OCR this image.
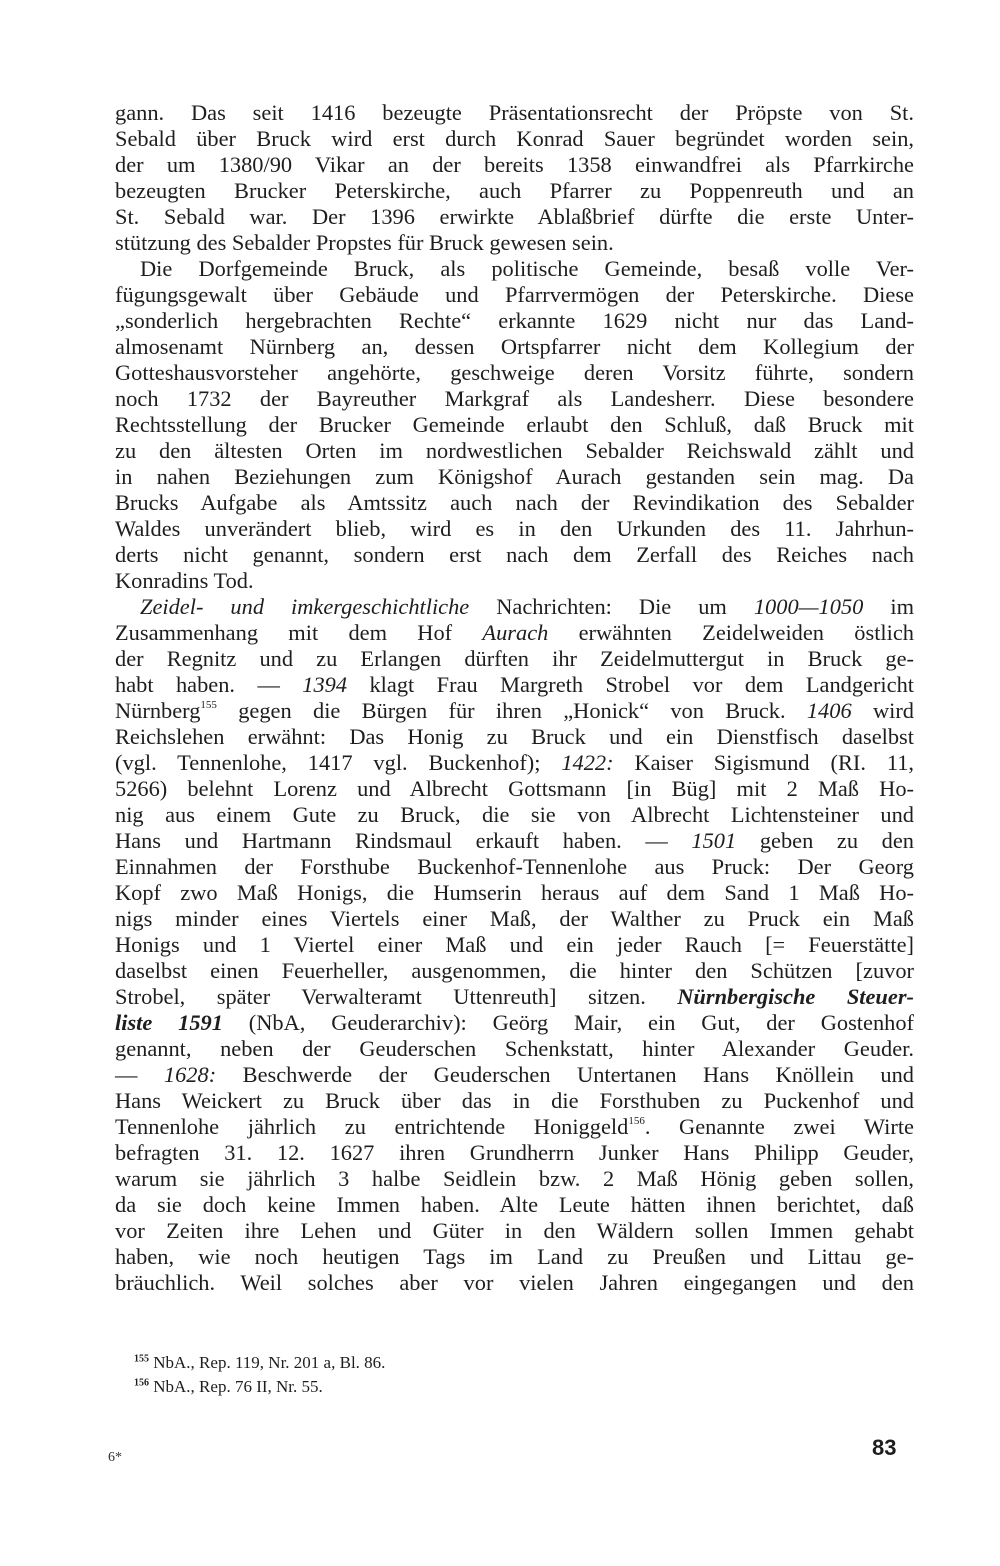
gann. Das seit 1416 bezeugte Präsentationsrecht der Pröpste von St.
Sebald über Bruck wird erst durch Konrad Sauer begründet worden sein,
der um 1380/90 Vikar an der bereits 1358 einwandfrei als Pfarrkirche
bezeugten Brucker Peterskirche, auch Pfarrer zu Poppenreuth und an
St. Sebald war. Der 1396 erwirkte Ablaßbrief dürfte die erste Unter-
stützung des Sebalder Propstes für Bruck gewesen sein.
Die Dorfgemeinde Bruck, als politische Gemeinde, besaß volle Ver-
fügungsgewalt über Gebäude und Pfarrvermögen der Peterskirche. Diese
„sonderlich hergebrachten Rechte“ erkannte 1629 nicht nur das Land-
almosenamt Nürnberg an, dessen Ortspfarrer nicht dem Kollegium der
Gotteshausvorsteher angehörte, geschweige deren Vorsitz führte, sondern
noch 1732 der Bayreuther Markgraf als Landesherr. Diese besondere
Rechtsstellung der Brucker Gemeinde erlaubt den Schluß, daß Bruck mit
zu den ältesten Orten im nordwestlichen Sebalder Reichswald zählt und
in nahen Beziehungen zum Königshof Aurach gestanden sein mag. Da
Brucks Aufgabe als Amtssitz auch nach der Revindikation des Sebalder
Waldes unverändert blieb, wird es in den Urkunden des 11. Jahrhun-
derts nicht genannt, sondern erst nach dem Zerfall des Reiches nach
Konradins Tod.
Zeidel- und imkergeschichtliche Nachrichten: Die um 1000—1050 im
Zusammenhang mit dem Hof Aurach erwähnten Zeidelweiden östlich
der Regnitz und zu Erlangen dürften ihr Zeidelmuttergut in Bruck ge-
habt haben. — 1394 klagt Frau Margreth Strobel vor dem Landgericht
Nürnberg$^{155}$ gegen die Bürgen für ihren „Honick“ von Bruck. 1406 wird
Reichslehen erwähnt: Das Honig zu Bruck und ein Dienstfisch daselbst
(vgl. Tennenlohe, 1417 vgl. Buckenhof); 1422: Kaiser Sigismund (RI. 11,
5266) belehnt Lorenz und Albrecht Gottsmann [in Büg] mit 2 Maß Ho-
nig aus einem Gute zu Bruck, die sie von Albrecht Lichtensteiner und
Hans und Hartmann Rindsmaul erkauft haben. — 1501 geben zu den
Einnahmen der Forsthube Buckenhof-Tennenlohe aus Pruck: Der Georg
Kopf zwo Maß Honigs, die Humserin heraus auf dem Sand 1 Maß Ho-
nigs minder eines Viertels einer Maß, der Walther zu Pruck ein Maß
Honigs und 1 Viertel einer Maß und ein jeder Rauch [= Feuerstätte]
daselbst einen Feuerheller, ausgenommen, die hinter den Schützen [zuvor
Strobel, später Verwalteramt Uttenreuth] sitzen. Nürnbergische Steuer-
liste 1591 (NbA, Geuderarchiv): Geörg Mair, ein Gut, der Gostenhof
genannt, neben der Geuderschen Schenkstatt, hinter Alexander Geuder.
— 1628: Beschwerde der Geuderschen Untertanen Hans Knöllein und
Hans Weickert zu Bruck über das in die Forsthuben zu Puckenhof und
Tennenlohe jährlich zu entrichtende Honiggeld$^{156}$. Genannte zwei Wirte
befragten 31. 12. 1627 ihren Grundherrn Junker Hans Philipp Geuder,
warum sie jährlich 3 halbe Seidlein bzw. 2 Maß Hönig geben sollen,
da sie doch keine Immen haben. Alte Leute hätten ihnen berichtet, daß
vor Zeiten ihre Lehen und Güter in den Wäldern sollen Immen gehabt
haben, wie noch heutigen Tags im Land zu Preußen und Littau ge-
bräuchlich. Weil solches aber vor vielen Jahren eingegangen und den
$^{155}$ NbA., Rep. 119, Nr. 201 a, Bl. 86.
$^{156}$ NbA., Rep. 76 II, Nr. 55.
6*	83
